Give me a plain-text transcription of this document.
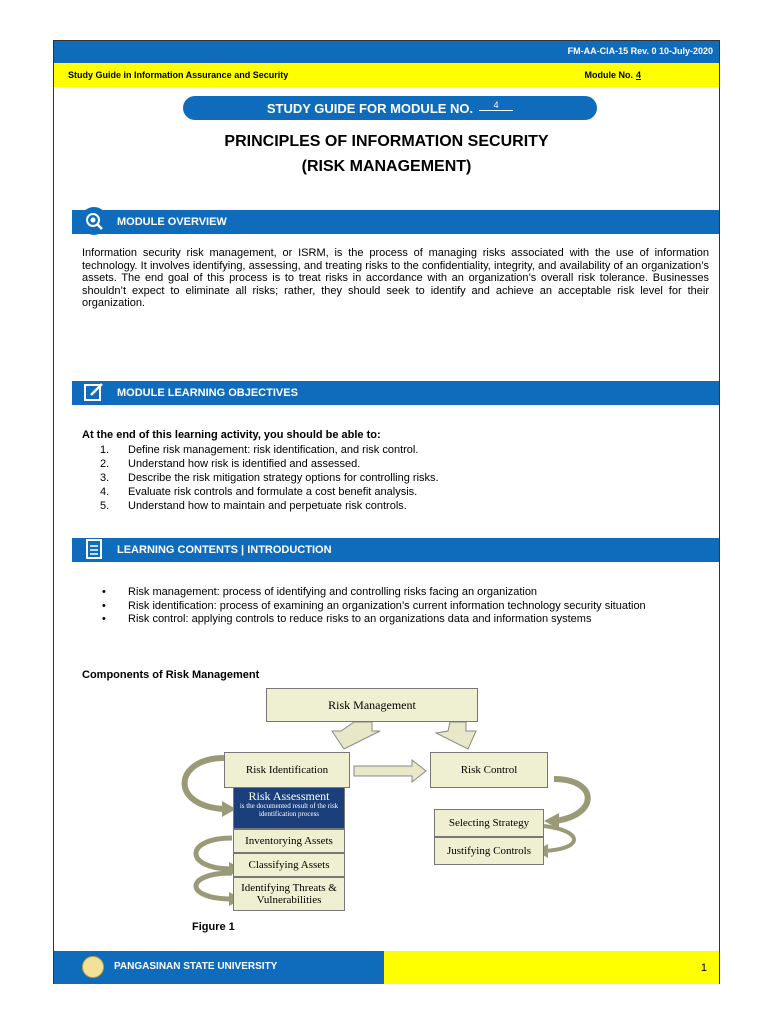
FM-AA-CIA-15 Rev. 0 10-July-2020
Study Guide in Information Assurance and Security	Module No. 4
STUDY GUIDE FOR MODULE NO.	4
PRINCIPLES OF INFORMATION SECURITY
(RISK MANAGEMENT)
MODULE OVERVIEW
Information security risk management, or ISRM, is the process of managing risks associated with the use of information technology. It involves identifying, assessing, and treating risks to the confidentiality, integrity, and availability of an organization’s assets. The end goal of this process is to treat risks in accordance with an organization’s overall risk tolerance. Businesses shouldn’t expect to eliminate all risks; rather, they should seek to identify and achieve an acceptable risk level for their organization.
MODULE LEARNING OBJECTIVES
At the end of this learning activity, you should be able to:
1.	Define risk management: risk identification, and risk control.
2.	Understand how risk is identified and assessed.
3.	Describe the risk mitigation strategy options for controlling risks.
4.	Evaluate risk controls and formulate a cost benefit analysis.
5.	Understand how to maintain and perpetuate risk controls.
LEARNING CONTENTS | INTRODUCTION
• Risk management: process of identifying and controlling risks facing an organization
• Risk identification: process of examining an organization’s current information technology security situation
• Risk control: applying controls to reduce risks to an organizations data and information systems
Components of Risk Management
Risk Management
Risk Identification	Risk Control
Risk Assessment
is the documented result of the risk identification process
Inventorying Assets
Classifying Assets
Identifying Threats & Vulnerabilities
Selecting Strategy
Justifying Controls
Figure 1
PANGASINAN STATE UNIVERSITY	1
